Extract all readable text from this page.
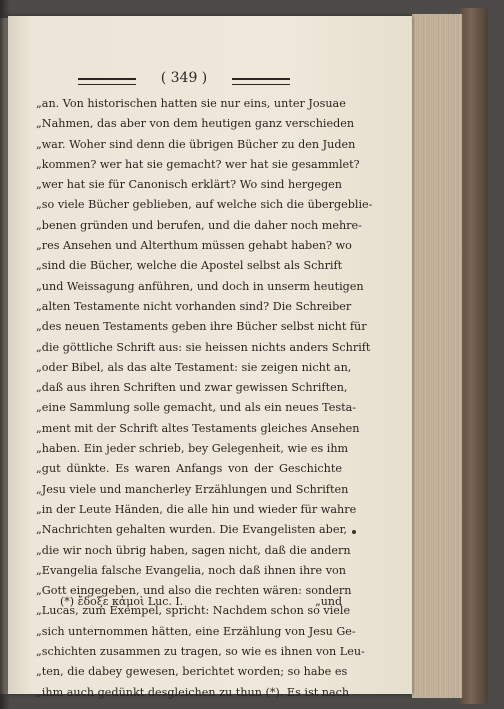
( 349 )
„an. Von historischen hatten sie nur eins, unter Josuae
„Nahmen, das aber von dem heutigen ganz verschieden
„war. Woher sind denn die übrigen Bücher zu den Juden
„kommen? wer hat sie gemacht? wer hat sie gesammlet?
„wer hat sie für Canonisch erklärt? Wo sind hergegen
„so viele Bücher geblieben, auf welche sich die übergeblie-
„benen gründen und berufen, und die daher noch mehre-
„res Ansehen und Alterthum müssen gehabt haben? wo
„sind die Bücher, welche die Apostel selbst als Schrift
„und Weissagung anführen, und doch in unserm heutigen
„alten Testamente nicht vorhanden sind? Die Schreiber
„des neuen Testaments geben ihre Bücher selbst nicht für
„die göttliche Schrift aus: sie heissen nichts anders Schrift
„oder Bibel, als das alte Testament: sie zeigen nicht an,
„daß aus ihren Schriften und zwar gewissen Schriften,
„eine Sammlung solle gemacht, und als ein neues Testa-
„ment mit der Schrift altes Testaments gleiches Ansehen
„haben. Ein jeder schrieb, bey Gelegenheit, wie es ihm
„gut dünkte. Es waren Anfangs von der Geschichte
„Jesu viele und mancherley Erzählungen und Schriften
„in der Leute Händen, die alle hin und wieder für wahre
„Nachrichten gehalten wurden. Die Evangelisten aber,
„die wir noch übrig haben, sagen nicht, daß die andern
„Evangelia falsche Evangelia, noch daß ihnen ihre von
„Gott eingegeben, und also die rechten wären: sondern
„Lucas, zum Exempel, spricht: Nachdem schon so viele
„sich unternommen hätten, eine Erzählung von Jesu Ge-
„schichten zusammen zu tragen, so wie es ihnen von Leu-
„ten, die dabey gewesen, berichtet worden; so habe es
„ihm auch gedünkt desgleichen zu thun (*). Es ist nach
(*) ἔδοξε κἀμοὶ Luc. I.	„und
